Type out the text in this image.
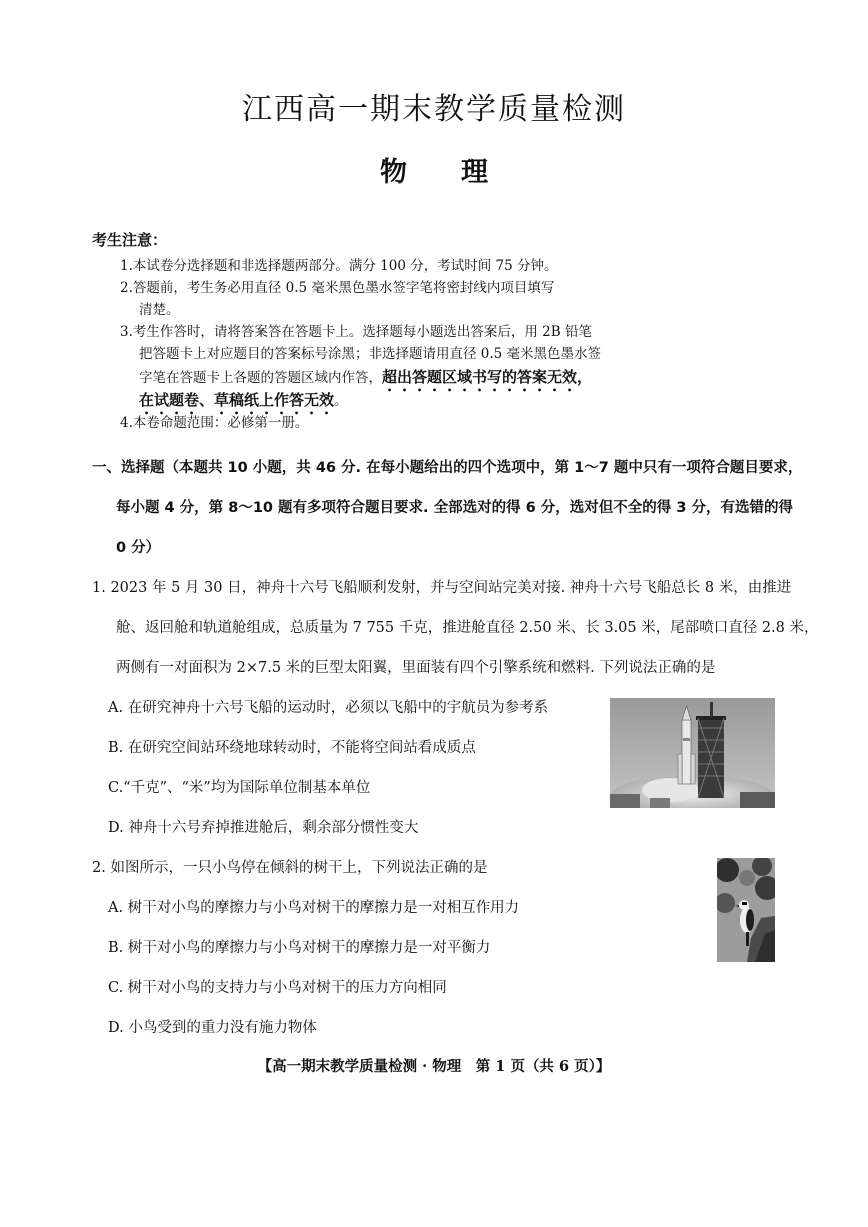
江西高一期末教学质量检测
物理
考生注意：
1.本试卷分选择题和非选择题两部分。满分 100 分，考试时间 75 分钟。
2.答题前，考生务必用直径 0.5 毫米黑色墨水签字笔将密封线内项目填写
清楚。
3.考生作答时，请将答案答在答题卡上。选择题每小题选出答案后，用 2B 铅笔
把答题卡上对应题目的答案标号涂黑；非选择题请用直径 0.5 毫米黑色墨水签
字笔在答题卡上各题的答题区域内作答，超出答题区域书写的答案无效，
在试题卷、草稿纸上作答无效。
4.本卷命题范围：必修第一册。
一、选择题（本题共 10 小题，共 46 分. 在每小题给出的四个选项中，第 1～7 题中只有一项符合题目要求，
每小题 4 分，第 8～10 题有多项符合题目要求. 全部选对的得 6 分，选对但不全的得 3 分，有选错的得
0 分）
1. 2023 年 5 月 30 日，神舟十六号飞船顺利发射，并与空间站完美对接. 神舟十六号飞船总长 8 米，由推进
舱、返回舱和轨道舱组成，总质量为 7 755 千克，推进舱直径 2.50 米、长 3.05 米，尾部喷口直径 2.8 米，
两侧有一对面积为 2×7.5 米的巨型太阳翼，里面装有四个引擎系统和燃料. 下列说法正确的是
A. 在研究神舟十六号飞船的运动时，必须以飞船中的宇航员为参考系
B. 在研究空间站环绕地球转动时，不能将空间站看成质点
C.“千克”、“米”均为国际单位制基本单位
D. 神舟十六号弃掉推进舱后，剩余部分惯性变大
2. 如图所示，一只小鸟停在倾斜的树干上，下列说法正确的是
A. 树干对小鸟的摩擦力与小鸟对树干的摩擦力是一对相互作用力
B. 树干对小鸟的摩擦力与小鸟对树干的摩擦力是一对平衡力
C. 树干对小鸟的支持力与小鸟对树干的压力方向相同
D. 小鸟受到的重力没有施力物体
【高一期末教学质量检测 · 物理　第 1 页（共 6 页）】
